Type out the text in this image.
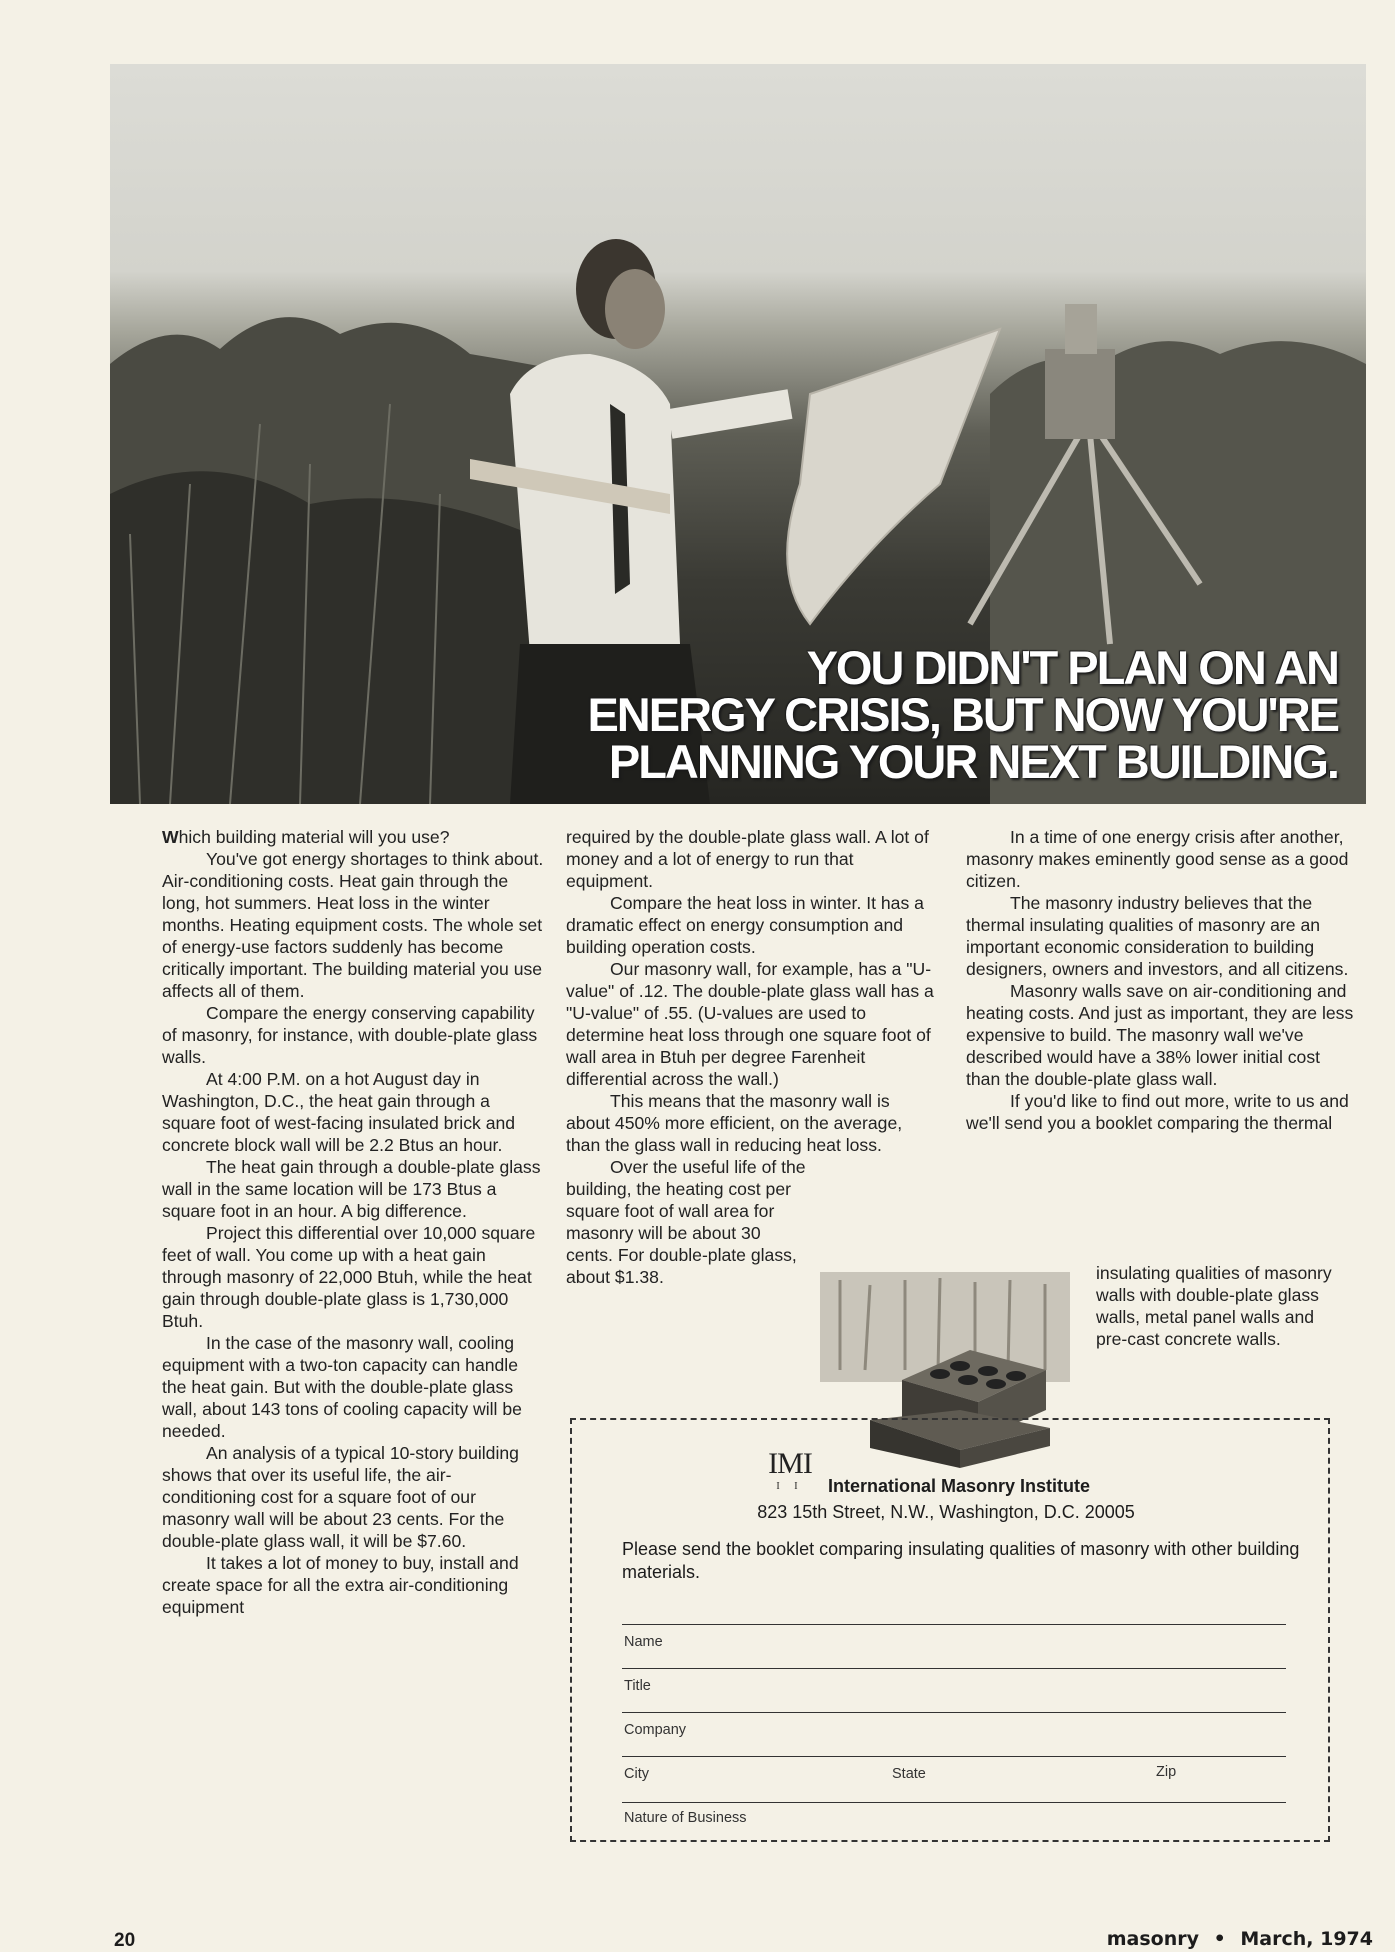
YOU DIDN'T PLAN ON AN
ENERGY CRISIS, BUT NOW YOU'RE
PLANNING YOUR NEXT BUILDING.

Which building material will you use?

You've got energy shortages to think about. Air-conditioning costs. Heat gain through the long, hot summers. Heat loss in the winter months. Heating equipment costs. The whole set of energy-use factors suddenly has become critically important. The building material you use affects all of them.

Compare the energy conserving capability of masonry, for instance, with double-plate glass walls.

At 4:00 P.M. on a hot August day in Washington, D.C., the heat gain through a square foot of west-facing insulated brick and concrete block wall will be 2.2 Btus an hour.

The heat gain through a double-plate glass wall in the same location will be 173 Btus a square foot in an hour. A big difference.

Project this differential over 10,000 square feet of wall. You come up with a heat gain through masonry of 22,000 Btuh, while the heat gain through double-plate glass is 1,730,000 Btuh.

In the case of the masonry wall, cooling equipment with a two-ton capacity can handle the heat gain. But with the double-plate glass wall, about 143 tons of cooling capacity will be needed.

An analysis of a typical 10-story building shows that over its useful life, the air-conditioning cost for a square foot of our masonry wall will be about 23 cents. For the double-plate glass wall, it will be $7.60.

It takes a lot of money to buy, install and create space for all the extra air-conditioning equipment

required by the double-plate glass wall. A lot of money and a lot of energy to run that equipment.

Compare the heat loss in winter. It has a dramatic effect on energy consumption and building operation costs.

Our masonry wall, for example, has a "U-value" of .12. The double-plate glass wall has a "U-value" of .55. (U-values are used to determine heat loss through one square foot of wall area in Btuh per degree Farenheit differential across the wall.)

This means that the masonry wall is about 450% more efficient, on the average, than the glass wall in reducing heat loss.

Over the useful life of the

building, the heating cost per square foot of wall area for masonry will be about 30 cents. For double-plate glass, about $1.38.

In a time of one energy crisis after another, masonry makes eminently good sense as a good citizen.

The masonry industry believes that the thermal insulating qualities of masonry are an important economic consideration to building designers, owners and investors, and all citizens.

Masonry walls save on air-conditioning and heating costs. And just as important, they are less expensive to build. The masonry wall we've described would have a 38% lower initial cost than the double-plate glass wall.

If you'd like to find out more, write to us and we'll send you a booklet comparing the thermal

insulating qualities of masonry walls with double-plate glass walls, metal panel walls and pre-cast concrete walls.

IMI
I I	International Masonry Institute
823 15th Street, N.W., Washington, D.C. 20005

Please send the booklet comparing insulating qualities of masonry with other building materials.

Name
Title
Company
City	State	Zip
Nature of Business
20	masonry • March, 1974
